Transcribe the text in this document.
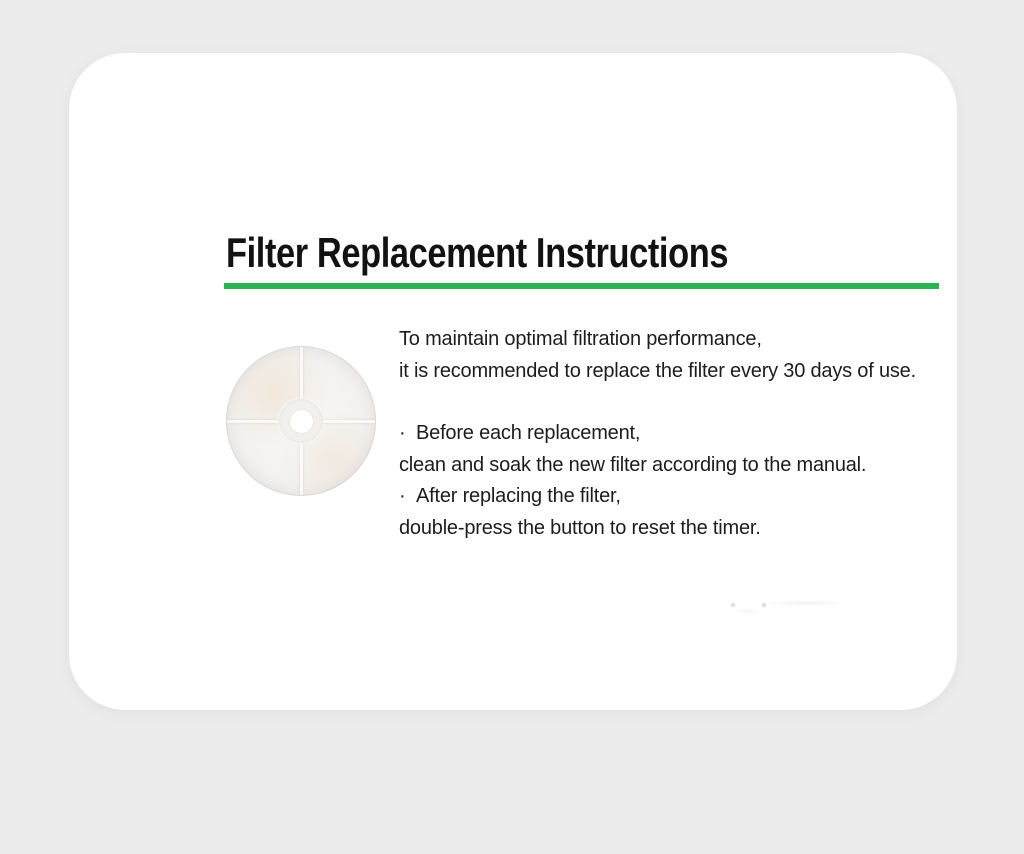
Filter Replacement Instructions

To maintain optimal filtration performance,

it is recommended to replace the filter every 30 days of use.

· Before each replacement,

clean and soak the new filter according to the manual.

· After replacing the filter,

double-press the button to reset the timer.
